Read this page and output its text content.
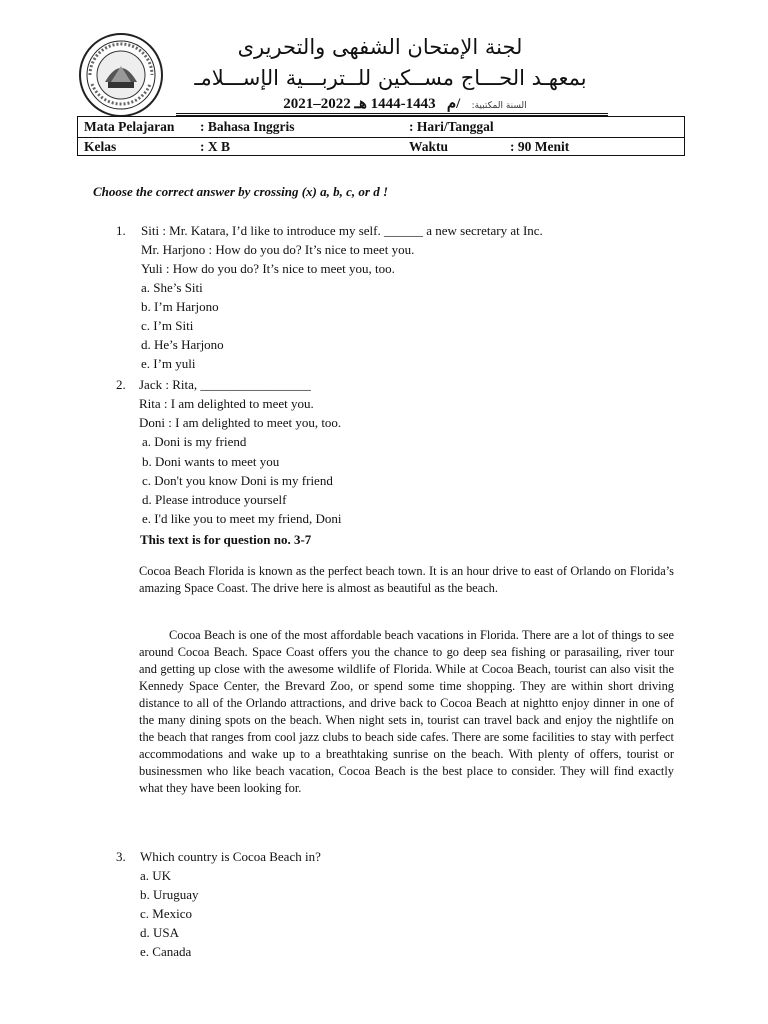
لجنة الإمتحان الشفهى والتحريرى
بمعهـد الحـــاج مســكين للــتربـــية الإســـلامـ
2021–2022 م   1443-1444 هـ/ السنة المكتبية:
Mata Pelajaran : Bahasa Inggris	: Hari/Tanggal
Kelas	: X B	Waktu	: 90 Menit
Choose the correct answer by crossing (x) a, b, c, or d !
1. Siti : Mr. Katara, I’d like to introduce my self. ______ a new secretary at Inc.
Mr. Harjono : How do you do? It’s nice to meet you.
Yuli : How do you do? It’s nice to meet you, too.
a. She’s Siti
b. I’m Harjono
c. I’m Siti
d. He’s Harjono
e. I’m yuli
2. Jack : Rita, _________________
Rita : I am delighted to meet you.
Doni : I am delighted to meet you, too.
a. Doni is my friend
b. Doni wants to meet you
c. Don't you know Doni is my friend
d. Please introduce yourself
e. I'd like you to meet my friend, Doni
This text is for question no. 3-7

Cocoa Beach Florida is known as the perfect beach town. It is an hour drive to east of Orlando on Florida’s amazing Space Coast. The drive here is almost as beautiful as the beach.

Cocoa Beach is one of the most affordable beach vacations in Florida. There are a lot of things to see around Cocoa Beach. Space Coast offers you the chance to go deep sea fishing or parasailing, river tour and getting up close with the awesome wildlife of Florida. While at Cocoa Beach, tourist can also visit the Kennedy Space Center, the Brevard Zoo, or spend some time shopping. They are within short driving distance to all of the Orlando attractions, and drive back to Cocoa Beach at nightto enjoy dinner in one of the many dining spots on the beach. When night sets in, tourist can travel back and enjoy the nightlife on the beach that ranges from cool jazz clubs to beach side cafes. There are some facilities to stay with perfect accommodations and wake up to a breathtaking sunrise on the beach. With plenty of offers, tourist or businessmen who like beach vacation, Cocoa Beach is the best place to consider. They will find exactly what they have been looking for.

3. Which country is Cocoa Beach in?
a. UK
b. Uruguay
c. Mexico
d. USA
e. Canada
